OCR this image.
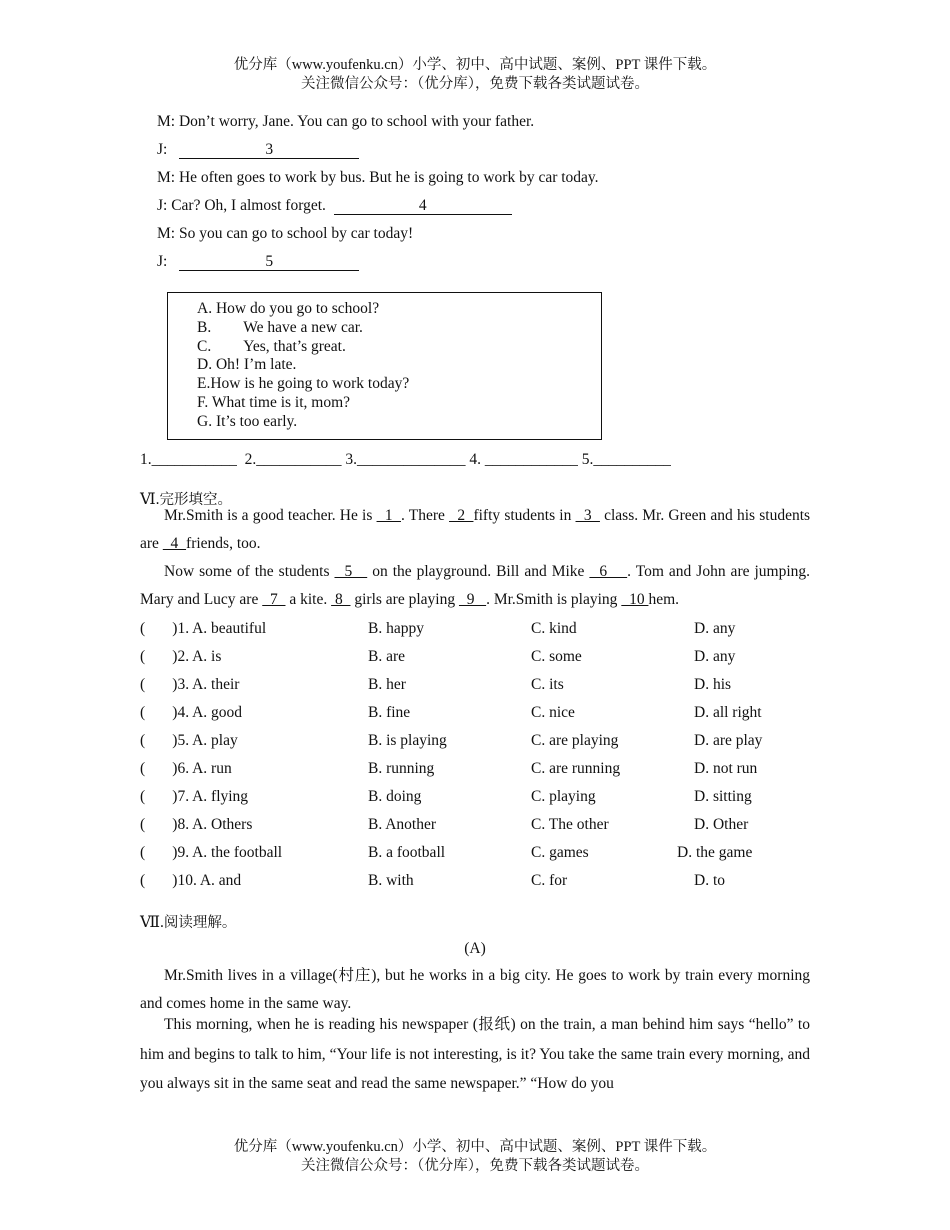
优分库（www.youfenku.cn）小学、初中、高中试题、案例、PPT 课件下载。
关注微信公众号：（优分库），免费下载各类试题试卷。
M: Don’t worry, Jane. You can go to school with your father.
J:	3
M: He often goes to work by bus. But he is going to work by car today.
J: Car? Oh, I almost forget.	4
M: So you can go to school by car today!
J:	5
A. How do you go to school?
B. We have a new car.
C. Yes, that’s great.
D. Oh! I’m late.
E.How is he going to work today?
F. What time is it, mom?
G. It’s too early.
1.___________  2.___________ 3.______________ 4. ____________ 5.__________
Ⅵ.完形填空。
Mr.Smith is a good teacher. He is   1  . There   2  fifty students in   3   class. Mr. Green and his students are   4  friends, too.
Now some of the students   5    on the playground. Bill and Mike   6    . Tom and John are jumping. Mary and Lucy are   7   a kite.  8   girls are playing   9   . Mr.Smith is playing   10 hem.
(       )1. A. beautiful	B. happy	C. kind	D. any
(       )2. A. is	B. are	C. some	D. any
(       )3. A. their	B. her	C. its	D. his
(       )4. A. good	B. fine	C. nice	D. all right
(       )5. A. play	B. is playing	C. are playing	D. are play
(       )6. A. run	B. running	C. are running	D. not run
(       )7. A. flying	B. doing	C. playing	D. sitting
(       )8. A. Others	B. Another	C. The other	D. Other
(       )9. A. the football	B. a football	C. games	D. the game
(       )10. A. and	B. with	C. for	D. to
Ⅶ.阅读理解。
(A)
Mr.Smith lives in a village(村庄), but he works in a big city. He goes to work by train every morning and comes home in the same way.
This morning, when he is reading his newspaper (报纸) on the train, a man behind him says “hello” to him and begins to talk to him, “Your life is not interesting, is it? You take the same train every morning, and you always sit in the same seat and read the same newspaper.” “How do you
优分库（www.youfenku.cn）小学、初中、高中试题、案例、PPT 课件下载。
关注微信公众号：（优分库），免费下载各类试题试卷。
